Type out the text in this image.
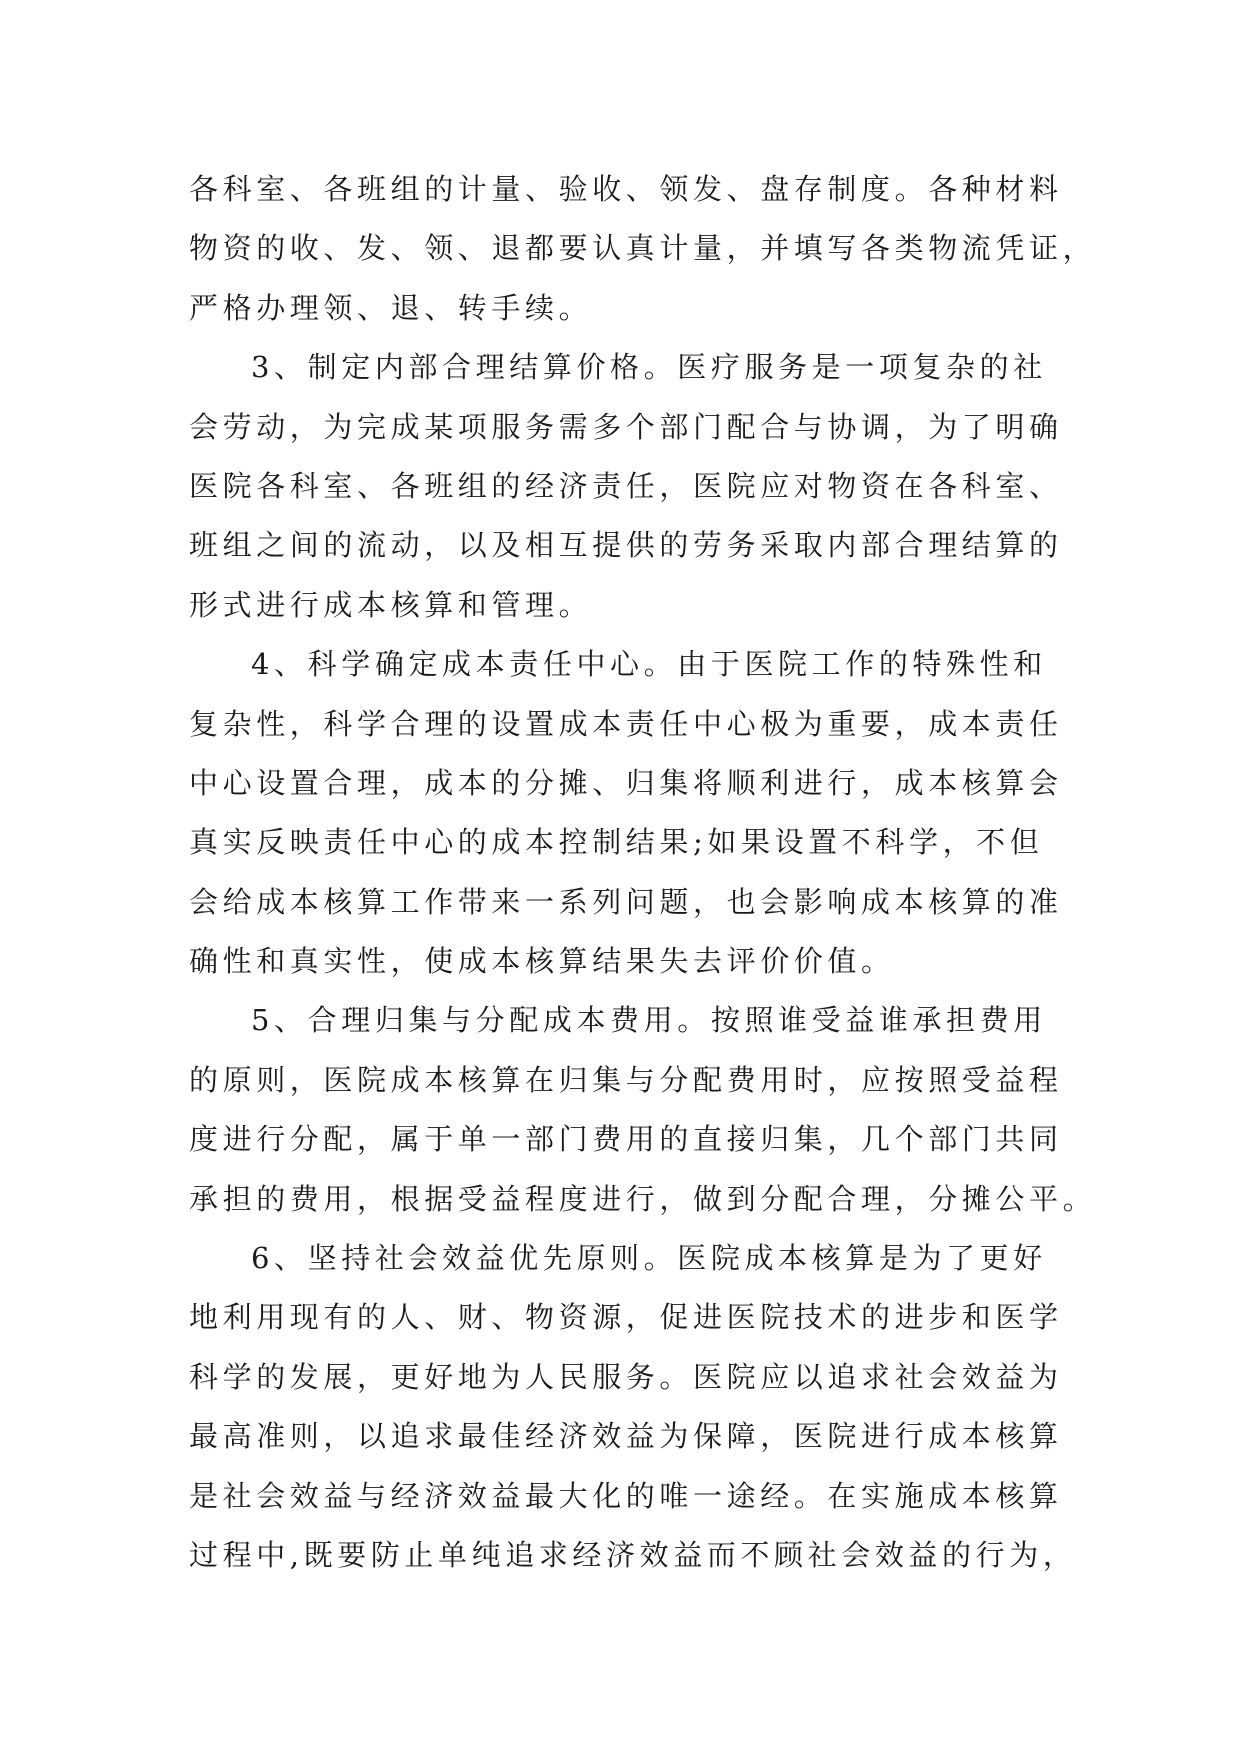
各科室、各班组的计量、验收、领发、盘存制度。各种材料
物资的收、发、领、退都要认真计量，并填写各类物流凭证，
严格办理领、退、转手续。
3、制定内部合理结算价格。医疗服务是一项复杂的社
会劳动，为完成某项服务需多个部门配合与协调，为了明确
医院各科室、各班组的经济责任，医院应对物资在各科室、
班组之间的流动，以及相互提供的劳务采取内部合理结算的
形式进行成本核算和管理。
4、科学确定成本责任中心。由于医院工作的特殊性和
复杂性，科学合理的设置成本责任中心极为重要，成本责任
中心设置合理，成本的分摊、归集将顺利进行，成本核算会
真实反映责任中心的成本控制结果;如果设置不科学，不但
会给成本核算工作带来一系列问题，也会影响成本核算的准
确性和真实性，使成本核算结果失去评价价值。
5、合理归集与分配成本费用。按照谁受益谁承担费用
的原则，医院成本核算在归集与分配费用时，应按照受益程
度进行分配，属于单一部门费用的直接归集，几个部门共同
承担的费用，根据受益程度进行，做到分配合理，分摊公平。
6、坚持社会效益优先原则。医院成本核算是为了更好
地利用现有的人、财、物资源，促进医院技术的进步和医学
科学的发展，更好地为人民服务。医院应以追求社会效益为
最高准则，以追求最佳经济效益为保障，医院进行成本核算
是社会效益与经济效益最大化的唯一途经。在实施成本核算
过程中,既要防止单纯追求经济效益而不顾社会效益的行为，
